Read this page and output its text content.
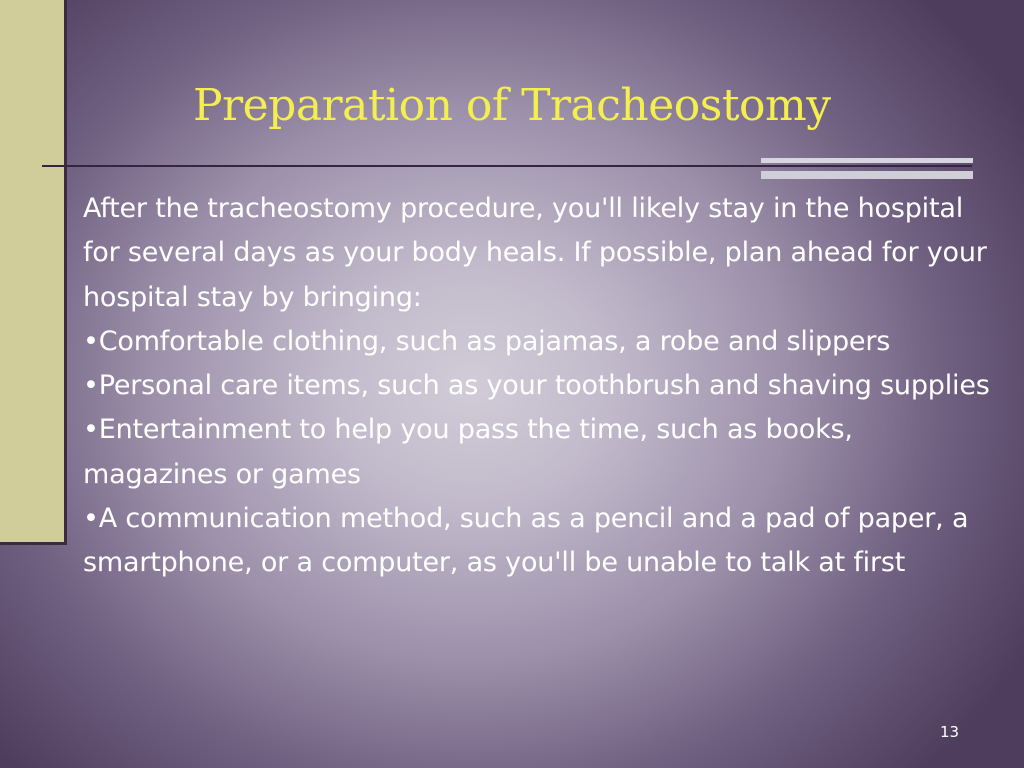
Preparation of Tracheostomy

After the tracheostomy procedure, you'll likely stay in the hospital for several days as your body heals. If possible, plan ahead for your hospital stay by bringing:

•Comfortable clothing, such as pajamas, a robe and slippers

•Personal care items, such as your toothbrush and shaving supplies

•Entertainment to help you pass the time, such as books, magazines or games

•A communication method, such as a pencil and a pad of paper, a smartphone, or a computer, as you'll be unable to talk at first

13
